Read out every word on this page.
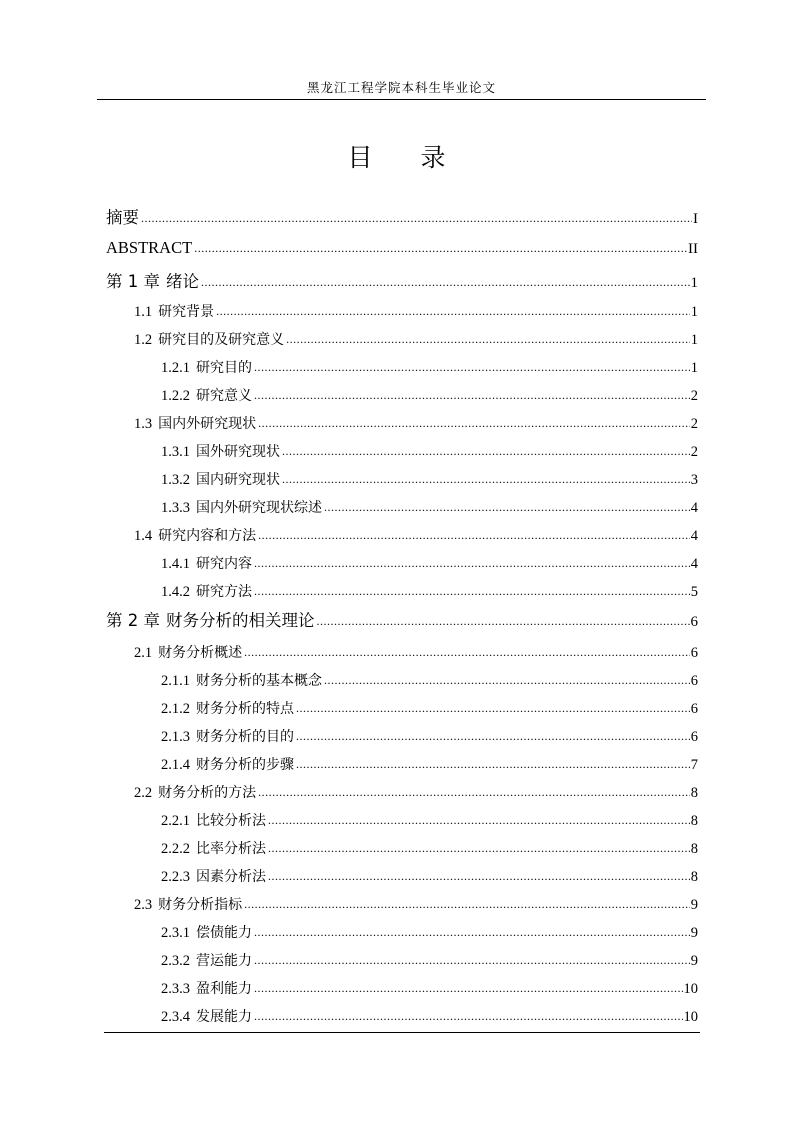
黑龙江工程学院本科生毕业论文
目 录
摘要 .....	I
ABSTRACT .....	II
第 1 章 绪论 .....	1
1.1 研究背景 .....	1
1.2 研究目的及研究意义 .....	1
1.2.1 研究目的 .....	1
1.2.2 研究意义 .....	2
1.3 国内外研究现状 .....	2
1.3.1 国外研究现状 .....	2
1.3.2 国内研究现状 .....	3
1.3.3 国内外研究现状综述 .....	4
1.4 研究内容和方法 .....	4
1.4.1 研究内容 .....	4
1.4.2 研究方法 .....	5
第 2 章 财务分析的相关理论 .....	6
2.1 财务分析概述 .....	6
2.1.1 财务分析的基本概念 .....	6
2.1.2 财务分析的特点 .....	6
2.1.3 财务分析的目的 .....	6
2.1.4 财务分析的步骤 .....	7
2.2 财务分析的方法 .....	8
2.2.1 比较分析法 .....	8
2.2.2 比率分析法 .....	8
2.2.3 因素分析法 .....	8
2.3 财务分析指标 .....	9
2.3.1 偿债能力 .....	9
2.3.2 营运能力 .....	9
2.3.3 盈利能力 .....	10
2.3.4 发展能力 .....	10
